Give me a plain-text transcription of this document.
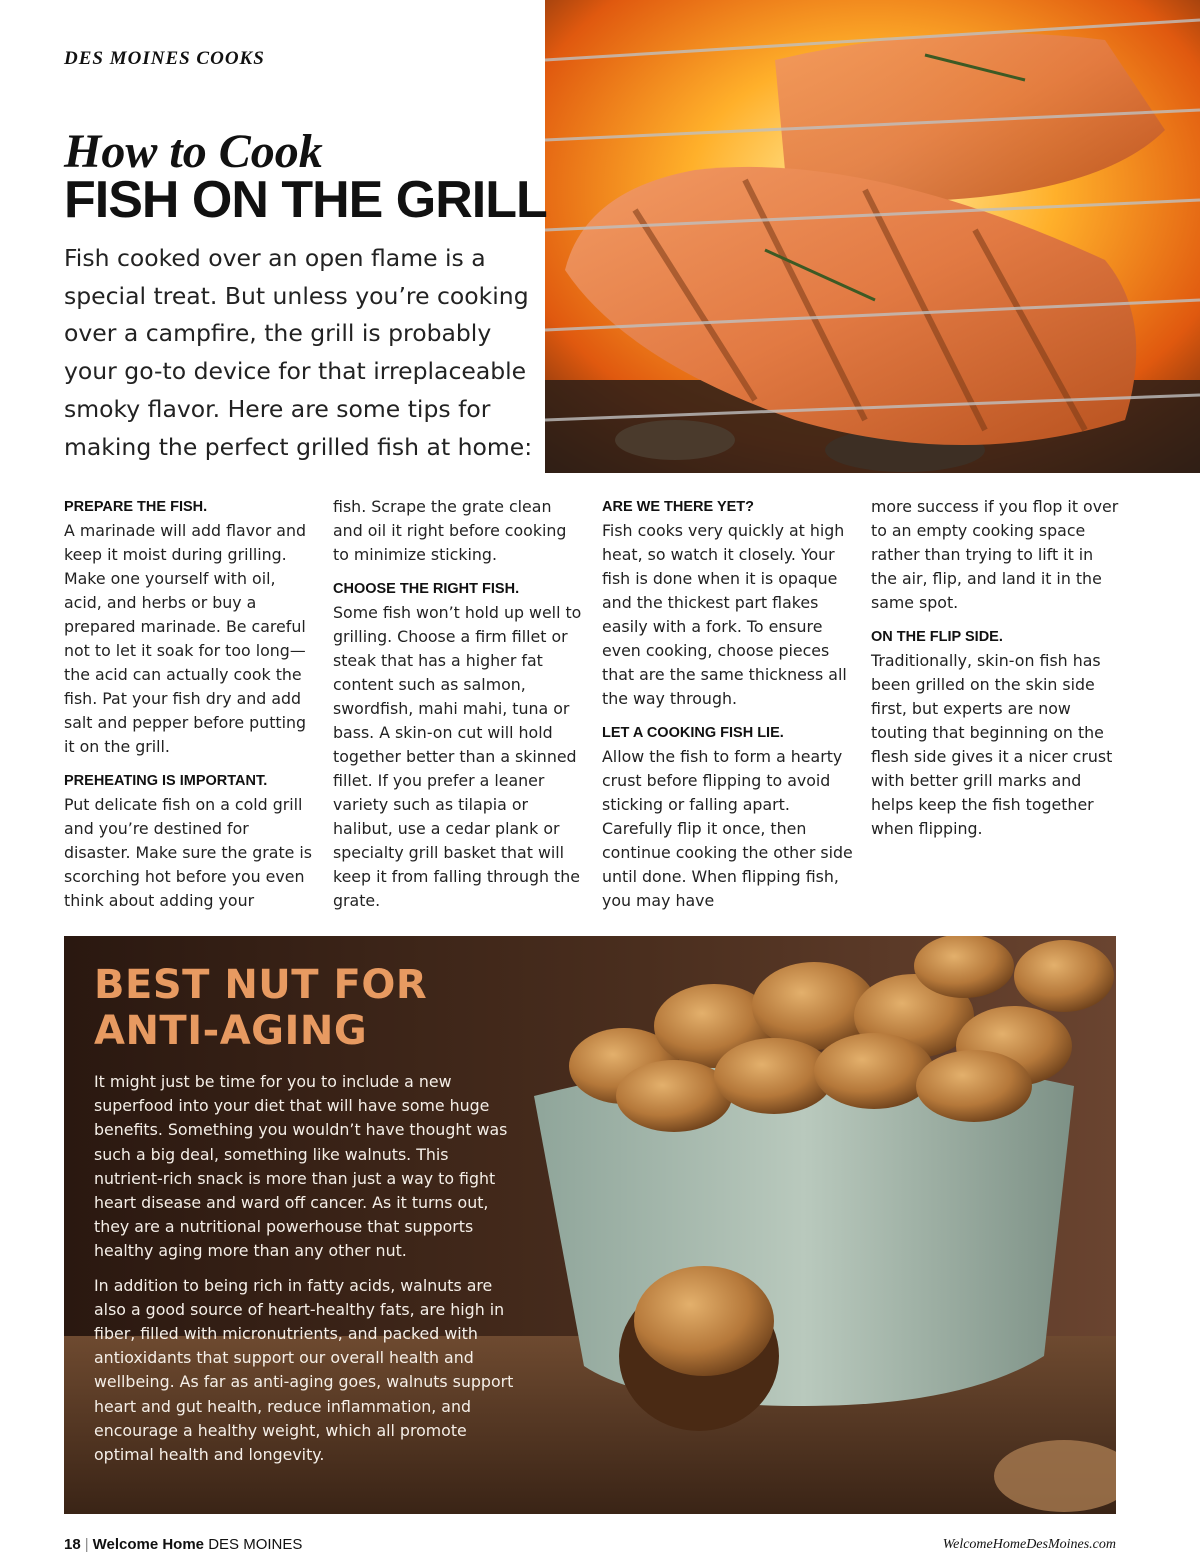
DES MOINES COOKS
How to Cook
FISH ON THE GRILL
Fish cooked over an open flame is a special treat. But unless you’re cooking over a campfire, the grill is probably your go-to device for that irreplaceable smoky flavor. Here are some tips for making the perfect grilled fish at home:

PREPARE THE FISH.
A marinade will add flavor and keep it moist during grilling. Make one yourself with oil, acid, and herbs or buy a prepared marinade. Be careful not to let it soak for too long—the acid can actually cook the fish. Pat your fish dry and add salt and pepper before putting it on the grill.

PREHEATING IS IMPORTANT.
Put delicate fish on a cold grill and you’re destined for disaster. Make sure the grate is scorching hot before you even think about adding your

fish. Scrape the grate clean and oil it right before cooking to minimize sticking.

CHOOSE THE RIGHT FISH.
Some fish won’t hold up well to grilling. Choose a firm fillet or steak that has a higher fat content such as salmon, swordfish, mahi mahi, tuna or bass. A skin-on cut will hold together better than a skinned fillet. If you prefer a leaner variety such as tilapia or halibut, use a cedar plank or specialty grill basket that will keep it from falling through the grate.

ARE WE THERE YET?
Fish cooks very quickly at high heat, so watch it closely. Your fish is done when it is opaque and the thickest part flakes easily with a fork. To ensure even cooking, choose pieces that are the same thickness all the way through.

LET A COOKING FISH LIE.
Allow the fish to form a hearty crust before flipping to avoid sticking or falling apart. Carefully flip it once, then continue cooking the other side until done. When flipping fish, you may have

more success if you flop it over to an empty cooking space rather than trying to lift it in the air, flip, and land it in the same spot.

ON THE FLIP SIDE.
Traditionally, skin-on fish has been grilled on the skin side first, but experts are now touting that beginning on the flesh side gives it a nicer crust with better grill marks and helps keep the fish together when flipping.

BEST NUT FOR ANTI-AGING

It might just be time for you to include a new superfood into your diet that will have some huge benefits. Something you wouldn’t have thought was such a big deal, something like walnuts. This nutrient-rich snack is more than just a way to fight heart disease and ward off cancer. As it turns out, they are a nutritional powerhouse that supports healthy aging more than any other nut.

In addition to being rich in fatty acids, walnuts are also a good source of heart-healthy fats, are high in fiber, filled with micronutrients, and packed with antioxidants that support our overall health and wellbeing. As far as anti-aging goes, walnuts support heart and gut health, reduce inflammation, and encourage a healthy weight, which all promote optimal health and longevity.

18 | Welcome Home DES MOINES	WelcomeHomeDesMoines.com
